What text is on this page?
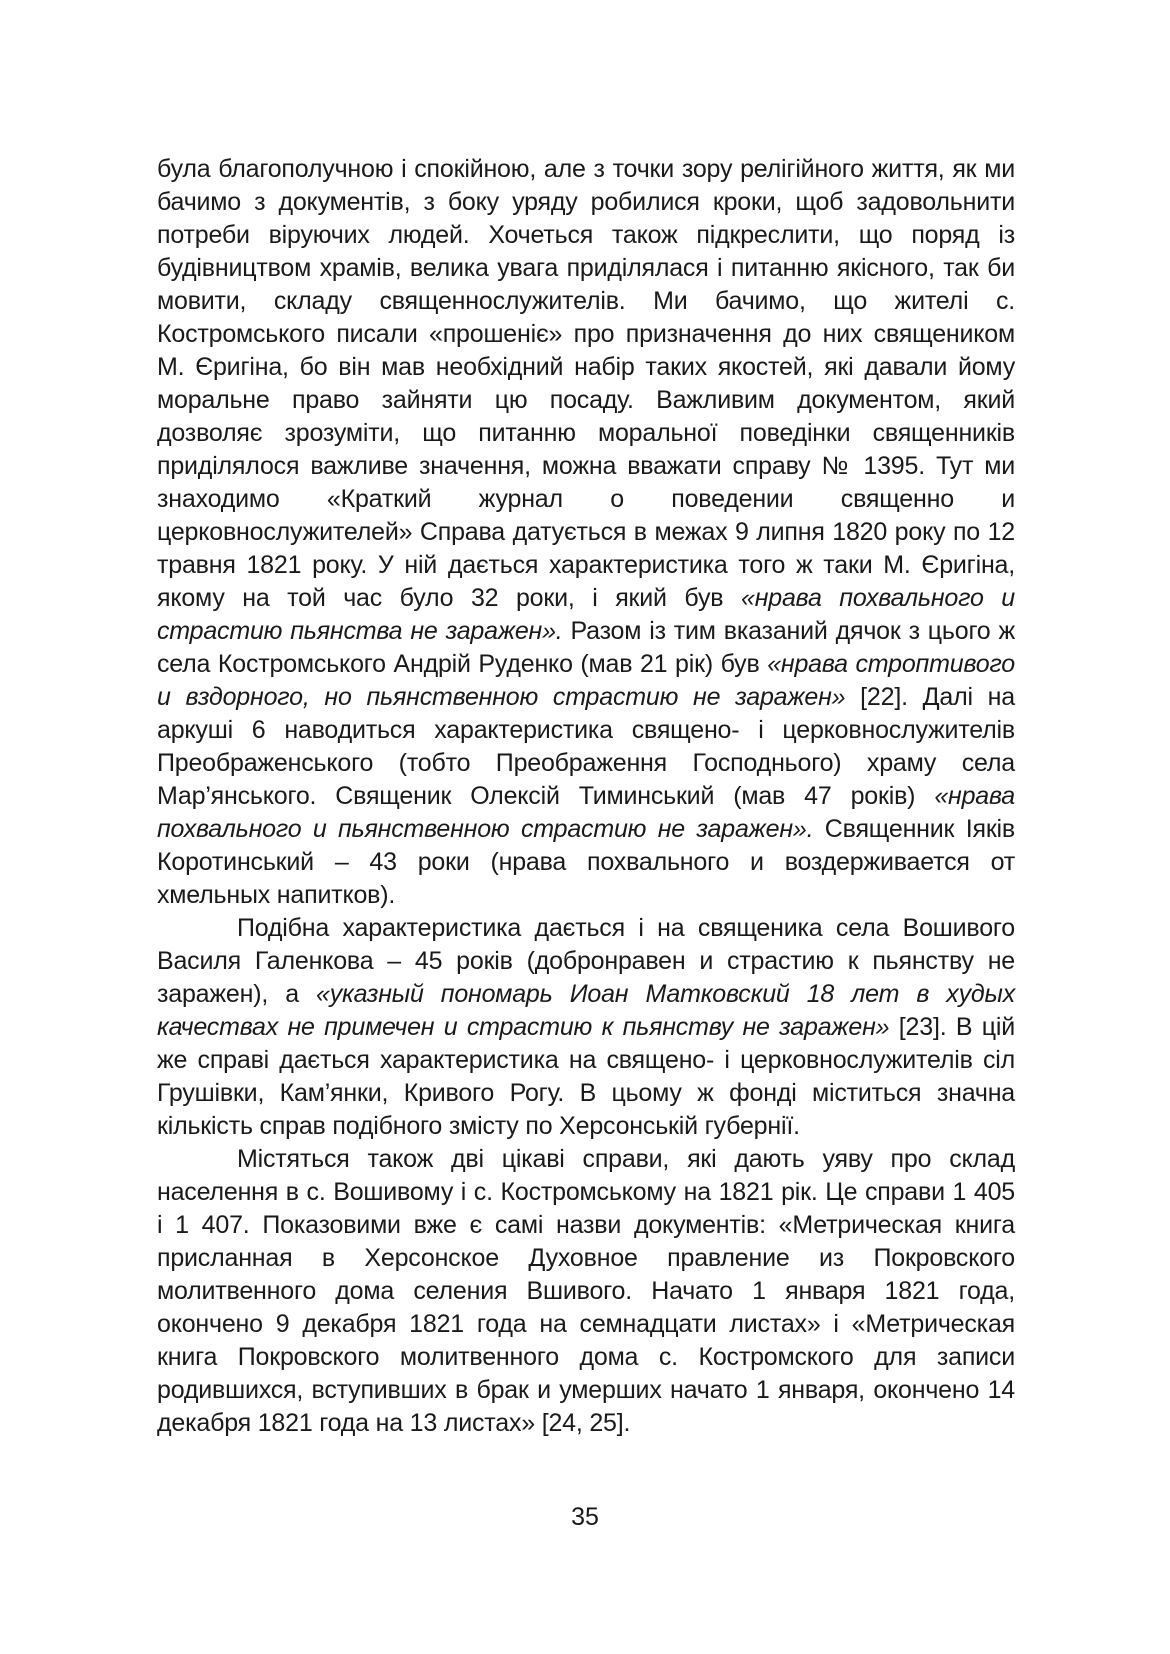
була благополучною і спокійною, але з точки зору релігійного життя, як ми бачимо з документів, з боку уряду робилися кроки, щоб задовольнити потреби віруючих людей. Хочеться також підкреслити, що поряд із будівництвом храмів, велика увага приділялася і питанню якісного, так би мовити, складу священнослужителів. Ми бачимо, що жителі с. Костромського писали «прошеніє» про призначення до них священиком М. Єригіна, бо він мав необхідний набір таких якостей, які давали йому моральне право зайняти цю посаду. Важливим документом, який дозволяє зрозуміти, що питанню моральної поведінки священників приділялося важливе значення, можна вважати справу № 1395. Тут ми знаходимо «Краткий журнал о поведении священно и церковнослужителей» Справа датується в межах 9 липня 1820 року по 12 травня 1821 року. У ній дається характеристика того ж таки М. Єригіна, якому на той час було 32 роки, і який був «нрава похвального и страстию пьянства не заражен». Разом із тим вказаний дячок з цього ж села Костромського Андрій Руденко (мав 21 рік) був «нрава строптивого и вздорного, но пьянственною страстию не заражен» [22]. Далі на аркуші 6 наводиться характеристика священо- і церковнослужителів Преображенського (тобто Преображення Господнього) храму села Мар’янського. Священик Олексій Тиминський (мав 47 років) «нрава похвального и пьянственною страстию не заражен». Священник Іяків Коротинський – 43 роки (нрава похвального и воздерживается от хмельных напитков).

Подібна характеристика дається і на священика села Вошивого Василя Галенкова – 45 років (добронравен и страстию к пьянству не заражен), а «указный пономарь Иоан Матковский 18 лет в худых качествах не примечен и страстию к пьянству не заражен» [23]. В цій же справі дається характеристика на священо- і церковнослужителів сіл Грушівки, Кам’янки, Кривого Рогу. В цьому ж фонді міститься значна кількість справ подібного змісту по Херсонській губернії.

Містяться також дві цікаві справи, які дають уяву про склад населення в с. Вошивому і с. Костромському на 1821 рік. Це справи 1 405 і 1 407. Показовими вже є самі назви документів: «Метрическая книга присланная в Херсонское Духовное правление из Покровского молитвенного дома селения Вшивого. Начато 1 января 1821 года, окончено 9 декабря 1821 года на семнадцати листах» і «Метрическая книга Покровского молитвенного дома с. Костромского для записи родившихся, вступивших в брак и умерших начато 1 января, окончено 14 декабря 1821 года на 13 листах» [24, 25].

35
